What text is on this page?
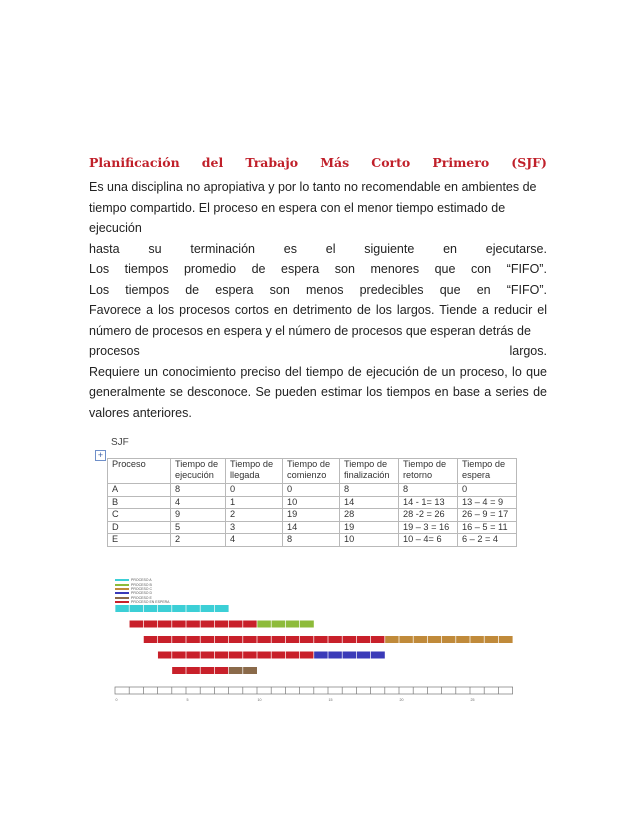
Planificación del Trabajo Más Corto Primero (SJF)
Es una disciplina no apropiativa y por lo tanto no recomendable en ambientes de
tiempo compartido. El proceso en espera con el menor tiempo estimado de ejecución
hasta su terminación es el siguiente en ejecutarse.
Los tiempos promedio de espera son menores que con “FIFO”.
Los tiempos de espera son menos predecibles que en “FIFO”.

Favorece a los procesos cortos en detrimento de los largos. Tiende a reducir el número de procesos en espera y el número de procesos que esperan detrás de

procesos	largos.

Requiere un conocimiento preciso del tiempo de ejecución de un proceso, lo que generalmente se desconoce. Se pueden estimar los tiempos en base a series de valores anteriores.

SJF
+
Proceso	Tiempo de ejecución	Tiempo de llegada	Tiempo de comienzo	Tiempo de finalización	Tiempo de retorno	Tiempo de espera
A	8	0	0	8	8	0
B	4	1	10	14	14 - 1= 13	13 – 4 = 9
C	9	2	19	28	28 -2 = 26	26 – 9 = 17
D	5	3	14	19	19 – 3 = 16	16 – 5 = 11
E	2	4	8	10	10 – 4= 6	6 – 2 = 4
PROCESO A
PROCESO B
PROCESO C
PROCESO D
PROCESO E
PROCESO EN ESPERA
0	5	10	15	20	25
